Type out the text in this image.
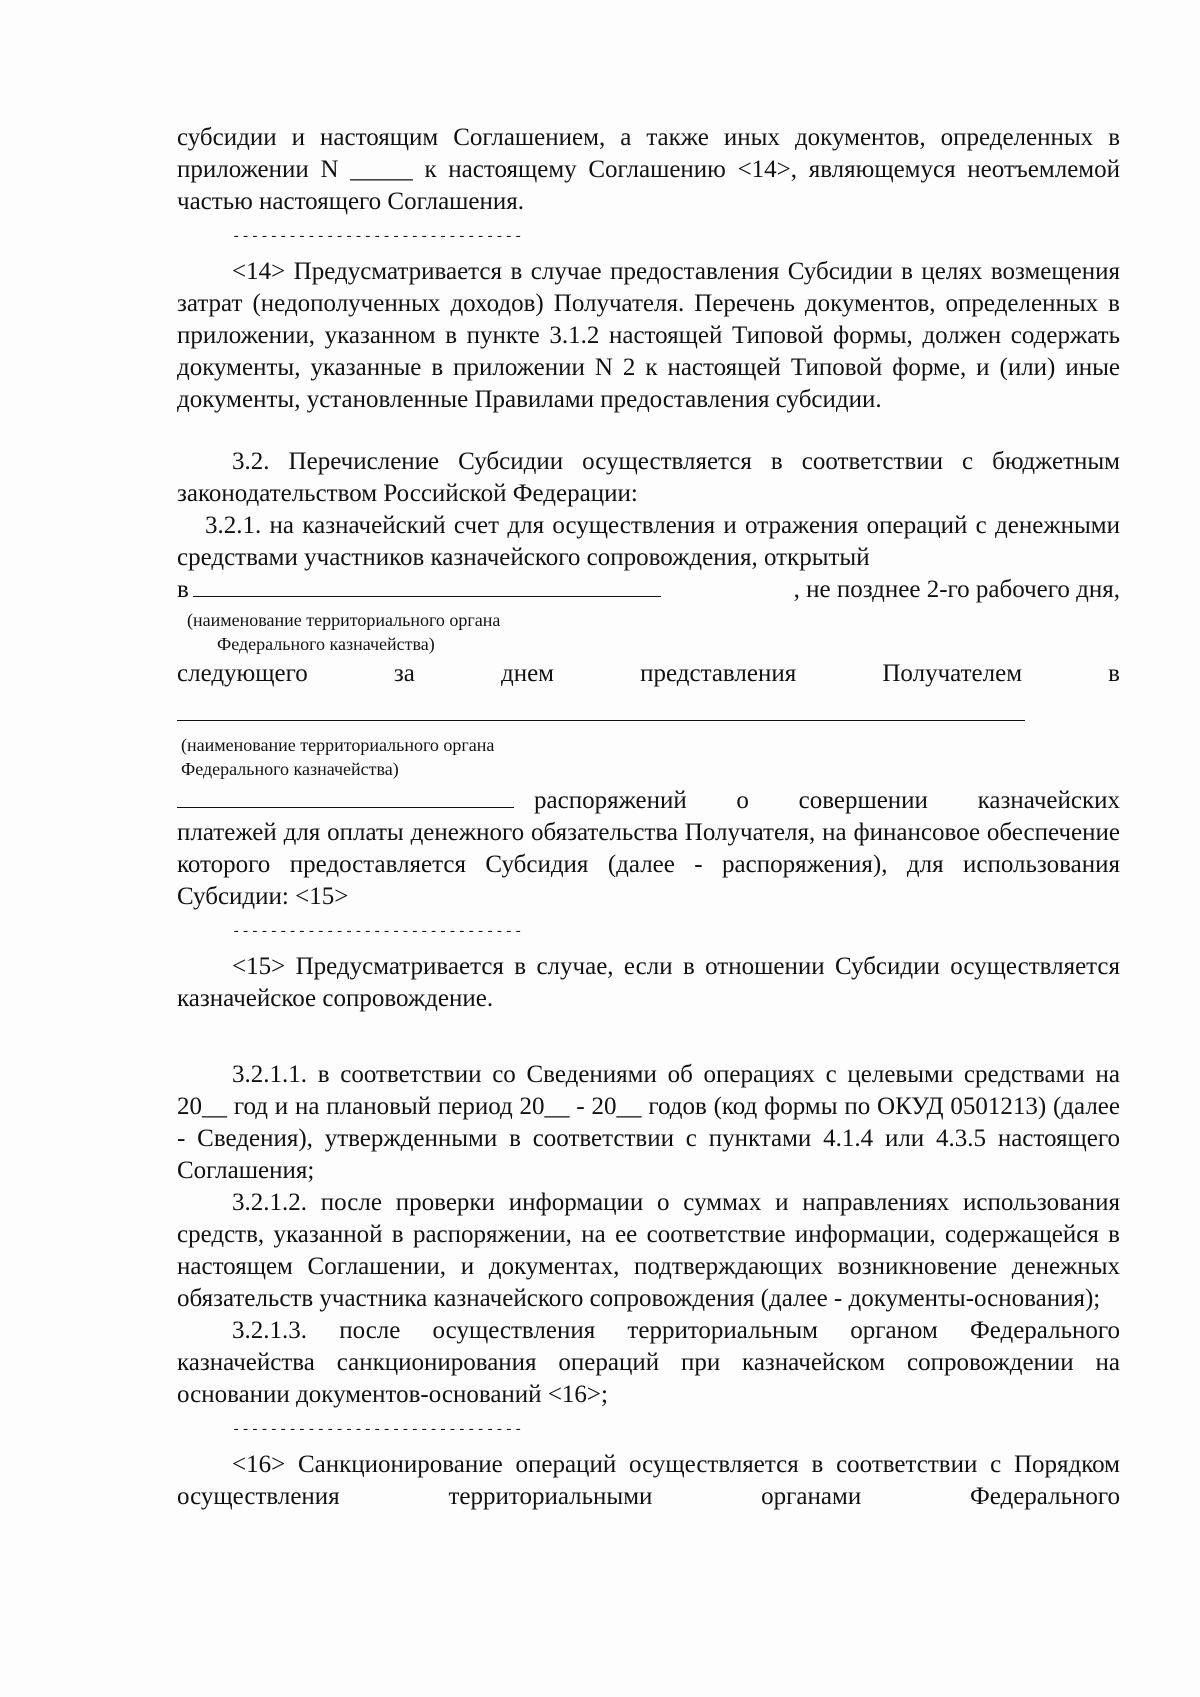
субсидии и настоящим Соглашением, а также иных документов, определенных в приложении N _____ к настоящему Соглашению <14>, являющемуся неотъемлемой частью настоящего Соглашения.

-------------------------------

<14> Предусматривается в случае предоставления Субсидии в целях возмещения затрат (недополученных доходов) Получателя. Перечень документов, определенных в приложении, указанном в пункте 3.1.2 настоящей Типовой формы, должен содержать документы, указанные в приложении N 2 к настоящей Типовой форме, и (или) иные документы, установленные Правилами предоставления субсидии.

3.2. Перечисление Субсидии осуществляется в соответствии с бюджетным законодательством Российской Федерации:

3.2.1. на казначейский счет для осуществления и отражения операций с денежными средствами участников казначейского сопровождения, открытый

в	, не позднее 2-го рабочего дня,
(наименование территориального органа
Федерального казначейства)
следующего	за	днем	представления	Получателем	в
(наименование территориального органа
Федерального казначейства)
распоряжений о совершении казначейских

платежей для оплаты денежного обязательства Получателя, на финансовое обеспечение которого предоставляется Субсидия (далее - распоряжения), для использования Субсидии: <15>

-------------------------------

<15> Предусматривается в случае, если в отношении Субсидии осуществляется казначейское сопровождение.

3.2.1.1. в соответствии со Сведениями об операциях с целевыми средствами на 20__ год и на плановый период 20__ - 20__ годов (код формы по ОКУД 0501213) (далее - Сведения), утвержденными в соответствии с пунктами 4.1.4 или 4.3.5 настоящего Соглашения;

3.2.1.2. после проверки информации о суммах и направлениях использования средств, указанной в распоряжении, на ее соответствие информации, содержащейся в настоящем Соглашении, и документах, подтверждающих возникновение денежных обязательств участника казначейского сопровождения (далее - документы-основания);

3.2.1.3. после осуществления территориальным органом Федерального казначейства санкционирования операций при казначейском сопровождении на основании документов-оснований <16>;

-------------------------------

<16> Санкционирование операций осуществляется в соответствии с Порядком осуществления территориальными органами Федерального
